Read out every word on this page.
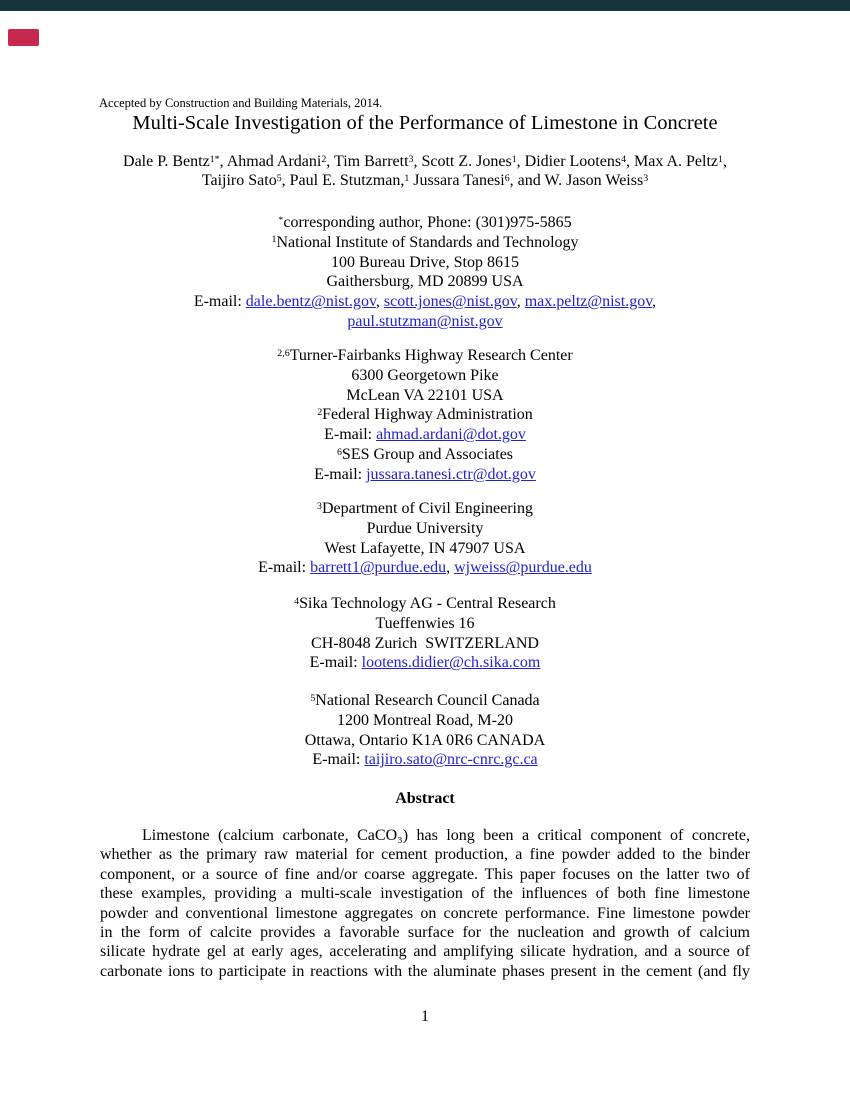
Accepted by Construction and Building Materials, 2014.
Multi-Scale Investigation of the Performance of Limestone in Concrete
Dale P. Bentz$^{1*}$, Ahmad Ardani$^2$, Tim Barrett$^3$, Scott Z. Jones$^1$, Didier Lootens$^4$, Max A. Peltz$^1$,
Taijiro Sato$^5$, Paul E. Stutzman,$^1$ Jussara Tanesi$^6$, and W. Jason Weiss$^3$
*corresponding author, Phone: (301)975-5865
$^1$National Institute of Standards and Technology
100 Bureau Drive, Stop 8615
Gaithersburg, MD 20899 USA
E-mail: dale.bentz@nist.gov, scott.jones@nist.gov, max.peltz@nist.gov,
paul.stutzman@nist.gov
$^{2,6}$Turner-Fairbanks Highway Research Center
6300 Georgetown Pike
McLean VA 22101 USA
$^2$Federal Highway Administration
E-mail: ahmad.ardani@dot.gov
$^6$SES Group and Associates
E-mail: jussara.tanesi.ctr@dot.gov
$^3$Department of Civil Engineering
Purdue University
West Lafayette, IN 47907 USA
E-mail: barrett1@purdue.edu, wjweiss@purdue.edu
$^4$Sika Technology AG - Central Research
Tueffenwies 16
CH-8048 Zurich  SWITZERLAND
E-mail: lootens.didier@ch.sika.com
$^5$National Research Council Canada
1200 Montreal Road, M-20
Ottawa, Ontario K1A 0R6 CANADA
E-mail: taijiro.sato@nrc-cnrc.gc.ca
Abstract
Limestone (calcium carbonate, CaCO₃) has long been a critical component of concrete,
whether as the primary raw material for cement production, a fine powder added to the binder
component, or a source of fine and/or coarse aggregate. This paper focuses on the latter two of
these examples, providing a multi-scale investigation of the influences of both fine limestone
powder and conventional limestone aggregates on concrete performance. Fine limestone powder
in the form of calcite provides a favorable surface for the nucleation and growth of calcium
silicate hydrate gel at early ages, accelerating and amplifying silicate hydration, and a source of
carbonate ions to participate in reactions with the aluminate phases present in the cement (and fly
1
